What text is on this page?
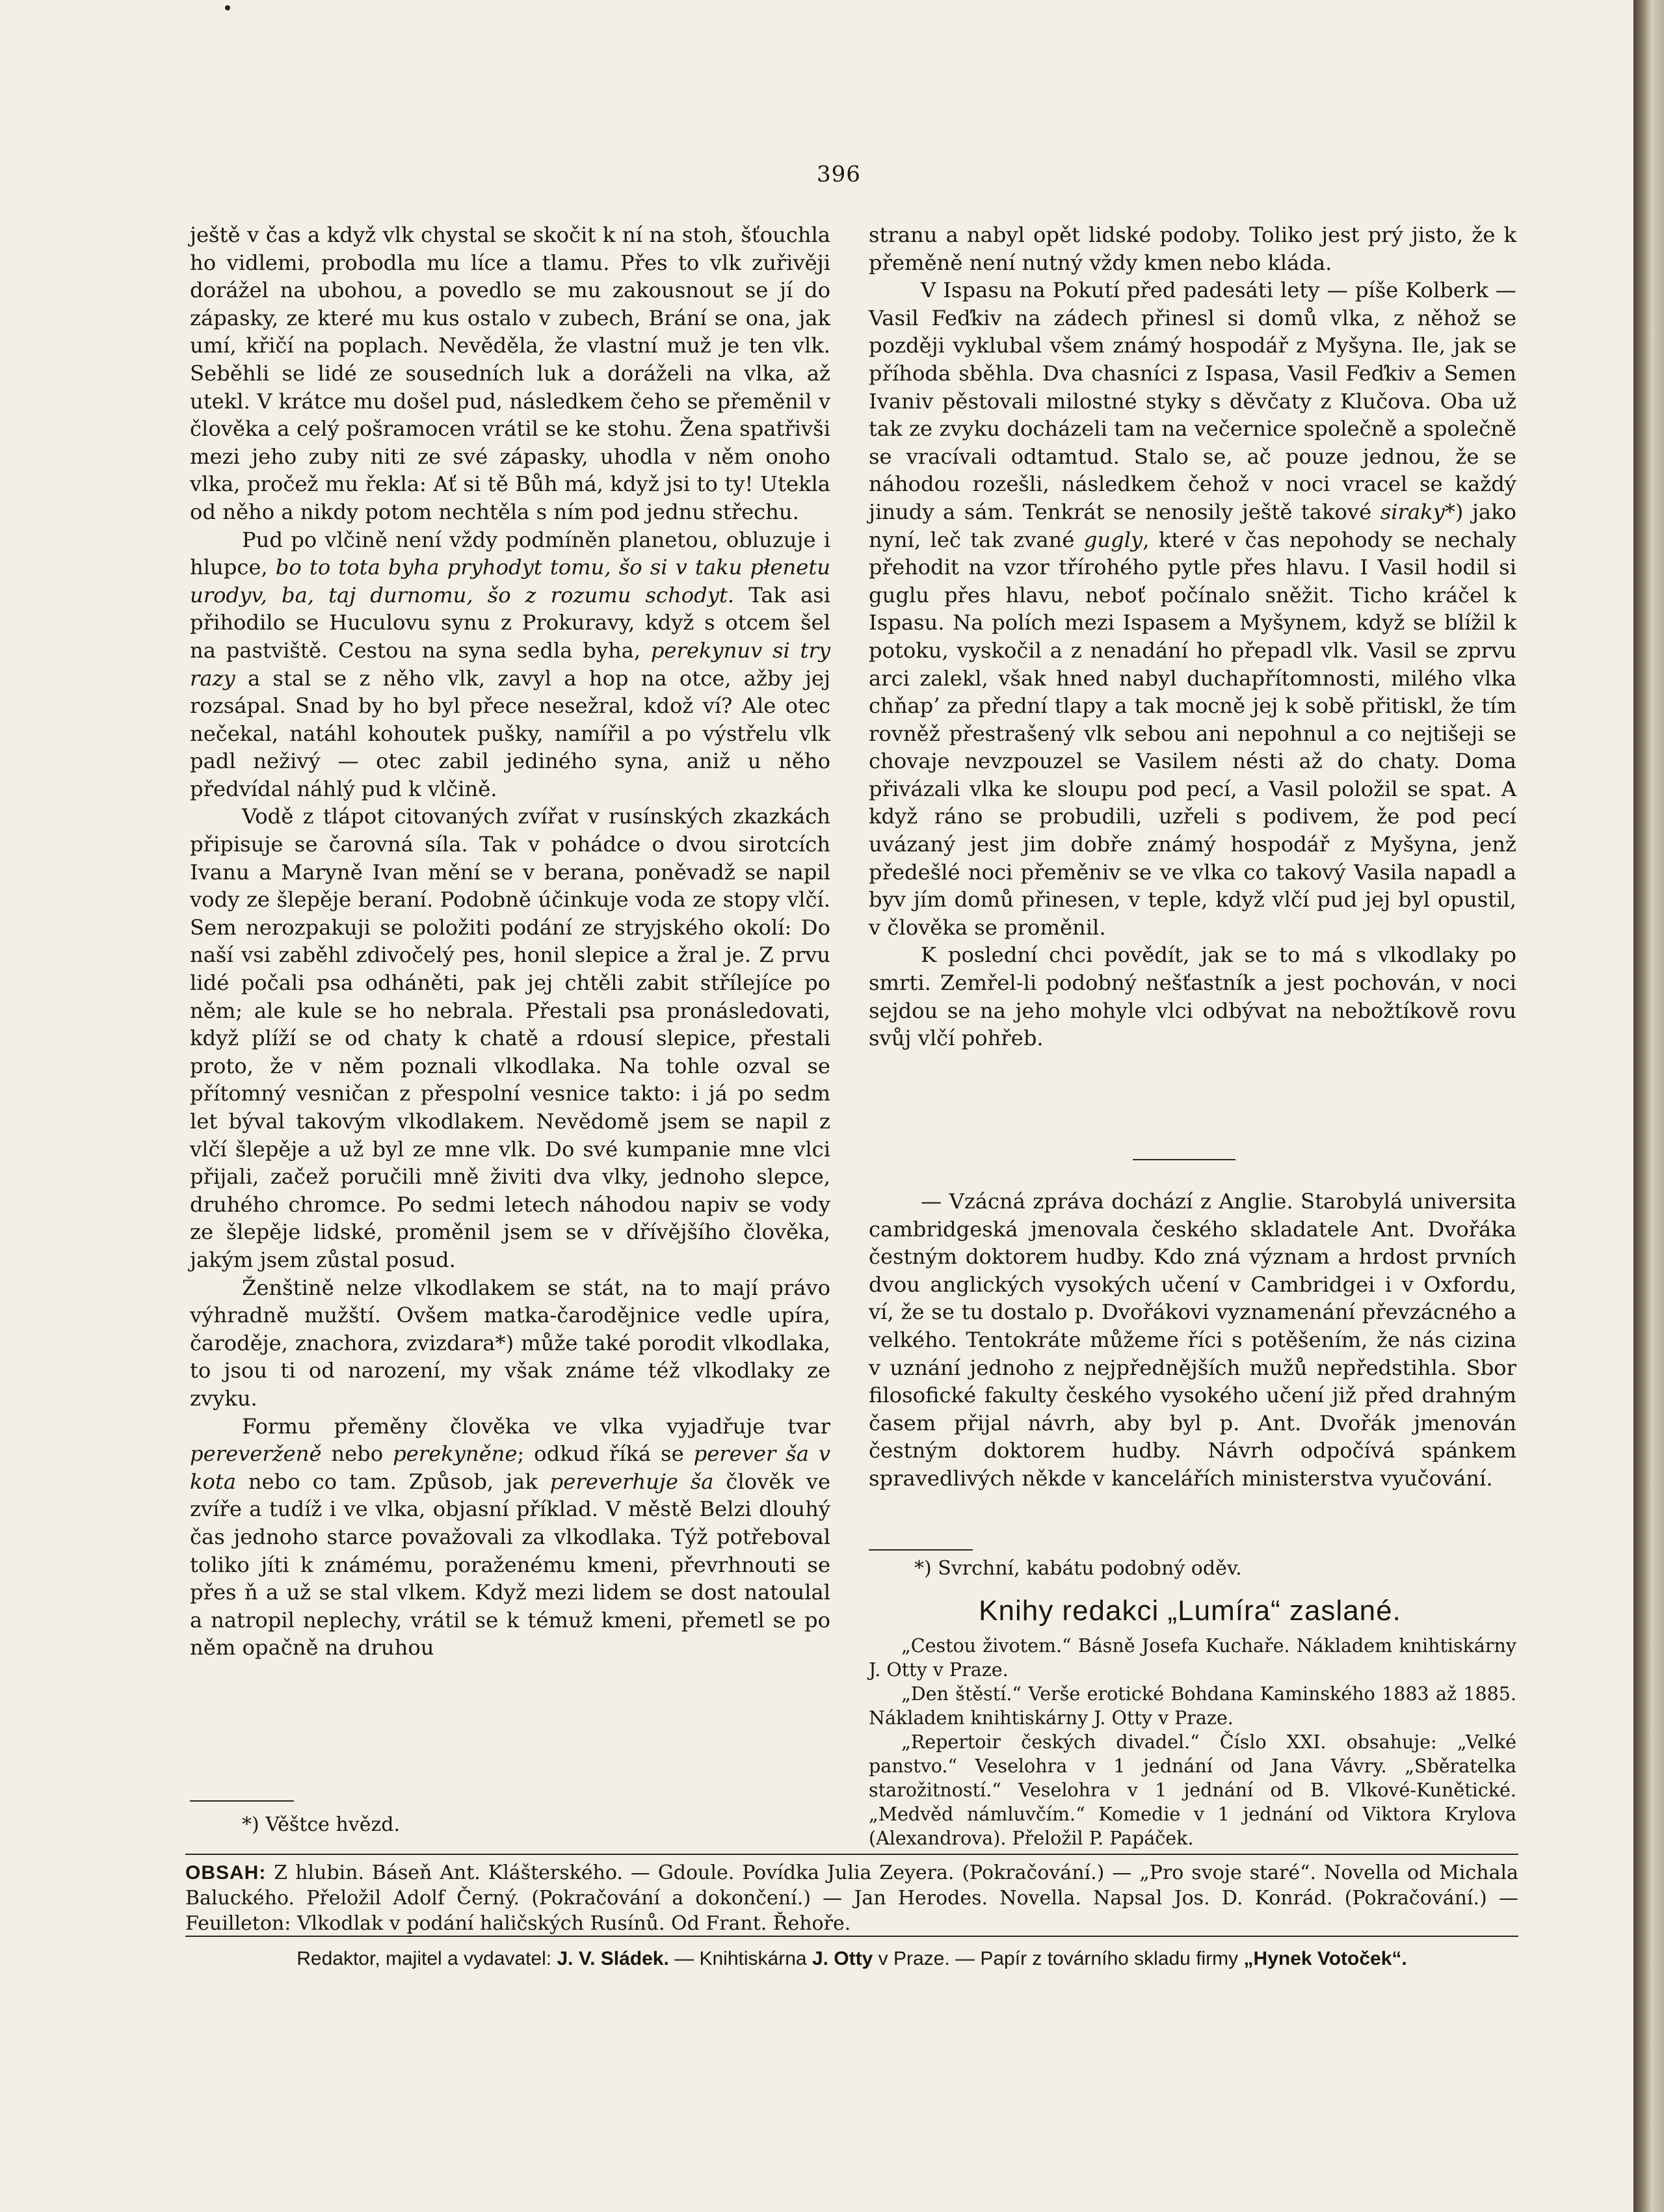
396

ještě v čas a když vlk chystal se skočit k ní na stoh, šťouchla ho vidlemi, probodla mu líce a tlamu. Přes to vlk zuřivěji dorážel na ubohou, a povedlo se mu zakousnout se jí do zápasky, ze které mu kus ostalo v zubech, Brání se ona, jak umí, křičí na poplach. Nevěděla, že vlastní muž je ten vlk. Seběhli se lidé ze sousedních luk a doráželi na vlka, až utekl. V krátce mu došel pud, následkem čeho se přeměnil v člověka a celý pošramocen vrátil se ke stohu. Žena spatřivši mezi jeho zuby niti ze své zápasky, uhodla v něm onoho vlka, pročež mu řekla: Ať si tě Bůh má, když jsi to ty! Utekla od něho a nikdy potom nechtěla s ním pod jednu střechu.

Pud po vlčině není vždy podmíněn planetou, obluzuje i hlupce, bo to tota byha pryhodyt tomu, šo si v taku płenetu urodyv, ba, taj durnomu, šo z rozumu schodyt. Tak asi přihodilo se Huculovu synu z Prokuravy, když s otcem šel na pastviště. Cestou na syna sedla byha, perekynuv si try razy a stal se z něho vlk, zavyl a hop na otce, ažby jej rozsápal. Snad by ho byl přece nesežral, kdož ví? Ale otec nečekal, natáhl kohoutek pušky, namířil a po výstřelu vlk padl neživý — otec zabil jediného syna, aniž u něho předvídal náhlý pud k vlčině.

Vodě z tlápot citovaných zvířat v rusínských zkazkách připisuje se čarovná síla. Tak v pohádce o dvou sirotcích Ivanu a Maryně Ivan mění se v berana, poněvadž se napil vody ze šlepěje beraní. Podobně účinkuje voda ze stopy vlčí. Sem nerozpakuji se položiti podání ze stryjského okolí: Do naší vsi zaběhl zdivočelý pes, honil slepice a žral je. Z prvu lidé počali psa odháněti, pak jej chtěli zabit střílejíce po něm; ale kule se ho nebrala. Přestali psa pronásledovati, když plíží se od chaty k chatě a rdousí slepice, přestali proto, že v něm poznali vlkodlaka. Na tohle ozval se přítomný vesničan z přespolní vesnice takto: i já po sedm let býval takovým vlkodlakem. Nevědomě jsem se napil z vlčí šlepěje a už byl ze mne vlk. Do své kumpanie mne vlci přijali, začež poručili mně živiti dva vlky, jednoho slepce, druhého chromce. Po sedmi letech náhodou napiv se vody ze šlepěje lidské, proměnil jsem se v dřívějšího člověka, jakým jsem zůstal posud.

Ženštině nelze vlkodlakem se stát, na to mají právo výhradně mužští. Ovšem matka-čarodějnice vedle upíra, čaroděje, znachora, zvizdara*) může také porodit vlkodlaka, to jsou ti od narození, my však známe též vlkodlaky ze zvyku.

Formu přeměny člověka ve vlka vyjadřuje tvar pereverženě nebo perekyněne; odkud říká se perever ša v kota nebo co tam. Způsob, jak pereverhuje ša člověk ve zvíře a tudíž i ve vlka, objasní příklad. V městě Belzi dlouhý čas jednoho starce považovali za vlkodlaka. Týž potřeboval toliko jíti k známému, poraženému kmeni, převrhnouti se přes ň a už se stal vlkem. Když mezi lidem se dost natoulal a natropil neplechy, vrátil se k témuž kmeni, přemetl se po něm opačně na druhou

*) Věštce hvězd.

stranu a nabyl opět lidské podoby. Toliko jest prý jisto, že k přeměně není nutný vždy kmen nebo kláda.

V Ispasu na Pokutí před padesáti lety — píše Kolberk — Vasil Feďkiv na zádech přinesl si domů vlka, z něhož se později vyklubal všem známý hospodář z Myšyna. Ile, jak se příhoda sběhla. Dva chasníci z Ispasa, Vasil Feďkiv a Semen Ivaniv pěstovali milostné styky s děvčaty z Klučova. Oba už tak ze zvyku docházeli tam na večernice společně a společně se vracívali odtamtud. Stalo se, ač pouze jednou, že se náhodou rozešli, následkem čehož v noci vracel se každý jinudy a sám. Tenkrát se nenosily ještě takové siraky*) jako nyní, leč tak zvané gugly, které v čas nepohody se nechaly přehodit na vzor třírohého pytle přes hlavu. I Vasil hodil si guglu přes hlavu, neboť počínalo sněžit. Ticho kráčel k Ispasu. Na polích mezi Ispasem a Myšynem, když se blížil k potoku, vyskočil a z nenadání ho přepadl vlk. Vasil se zprvu arci zalekl, však hned nabyl duchapřítomnosti, milého vlka chňap’ za přední tlapy a tak mocně jej k sobě přitiskl, že tím rovněž přestrašený vlk sebou ani nepohnul a co nejtišeji se chovaje nevzpouzel se Vasilem nésti až do chaty. Doma přivázali vlka ke sloupu pod pecí, a Vasil položil se spat. A když ráno se probudili, uzřeli s podivem, že pod pecí uvázaný jest jim dobře známý hospodář z Myšyna, jenž předešlé noci přeměniv se ve vlka co takový Vasila napadl a byv jím domů přinesen, v teple, když vlčí pud jej byl opustil, v člověka se proměnil.

K poslední chci povědít, jak se to má s vlkodlaky po smrti. Zemřel-li podobný nešťastník a jest pochován, v noci sejdou se na jeho mohyle vlci odbývat na nebožtíkově rovu svůj vlčí pohřeb.

— Vzácná zpráva dochází z Anglie. Starobylá universita cambridgeská jmenovala českého skladatele Ant. Dvořáka čestným doktorem hudby. Kdo zná význam a hrdost prvních dvou anglických vysokých učení v Cambridgei i v Oxfordu, ví, že se tu dostalo p. Dvořákovi vyznamenání převzácného a velkého. Tentokráte můžeme říci s potěšením, že nás cizina v uznání jednoho z nejpřednějších mužů nepředstihla. Sbor filosofické fakulty českého vysokého učení již před drahným časem přijal návrh, aby byl p. Ant. Dvořák jmenován čestným doktorem hudby. Návrh odpočívá spánkem spravedlivých někde v kancelářích ministerstva vyučování.

*) Svrchní, kabátu podobný oděv.
Knihy redakci „Lumíra“ zaslané.

„Cestou životem.“ Básně Josefa Kuchaře. Nákladem knihtiskárny J. Otty v Praze.

„Den štěstí.“ Verše erotické Bohdana Kaminského 1883 až 1885. Nákladem knihtiskárny J. Otty v Praze.

„Repertoir českých divadel.“ Číslo XXI. obsahuje: „Velké panstvo.“ Veselohra v 1 jednání od Jana Vávry. „Sběratelka starožitností.“ Veselohra v 1 jednání od B. Vlkové-Kunětické. „Medvěd námluvčím.“ Komedie v 1 jednání od Viktora Krylova (Alexandrova). Přeložil P. Papáček.

OBSAH: Z hlubin. Báseň Ant. Klášterského. — Gdoule. Povídka Julia Zeyera. (Pokračování.) — „Pro svoje staré“. Novella od Michala Baluckého. Přeložil Adolf Černý. (Pokračování a dokončení.) — Jan Herodes. Novella. Napsal Jos. D. Konrád. (Pokračování.) — Feuilleton: Vlkodlak v podání haličských Rusínů. Od Frant. Řehoře.
Redaktor, majitel a vydavatel: J. V. Sládek. — Knihtiskárna J. Otty v Praze. — Papír z továrního skladu firmy „Hynek Votoček“.
